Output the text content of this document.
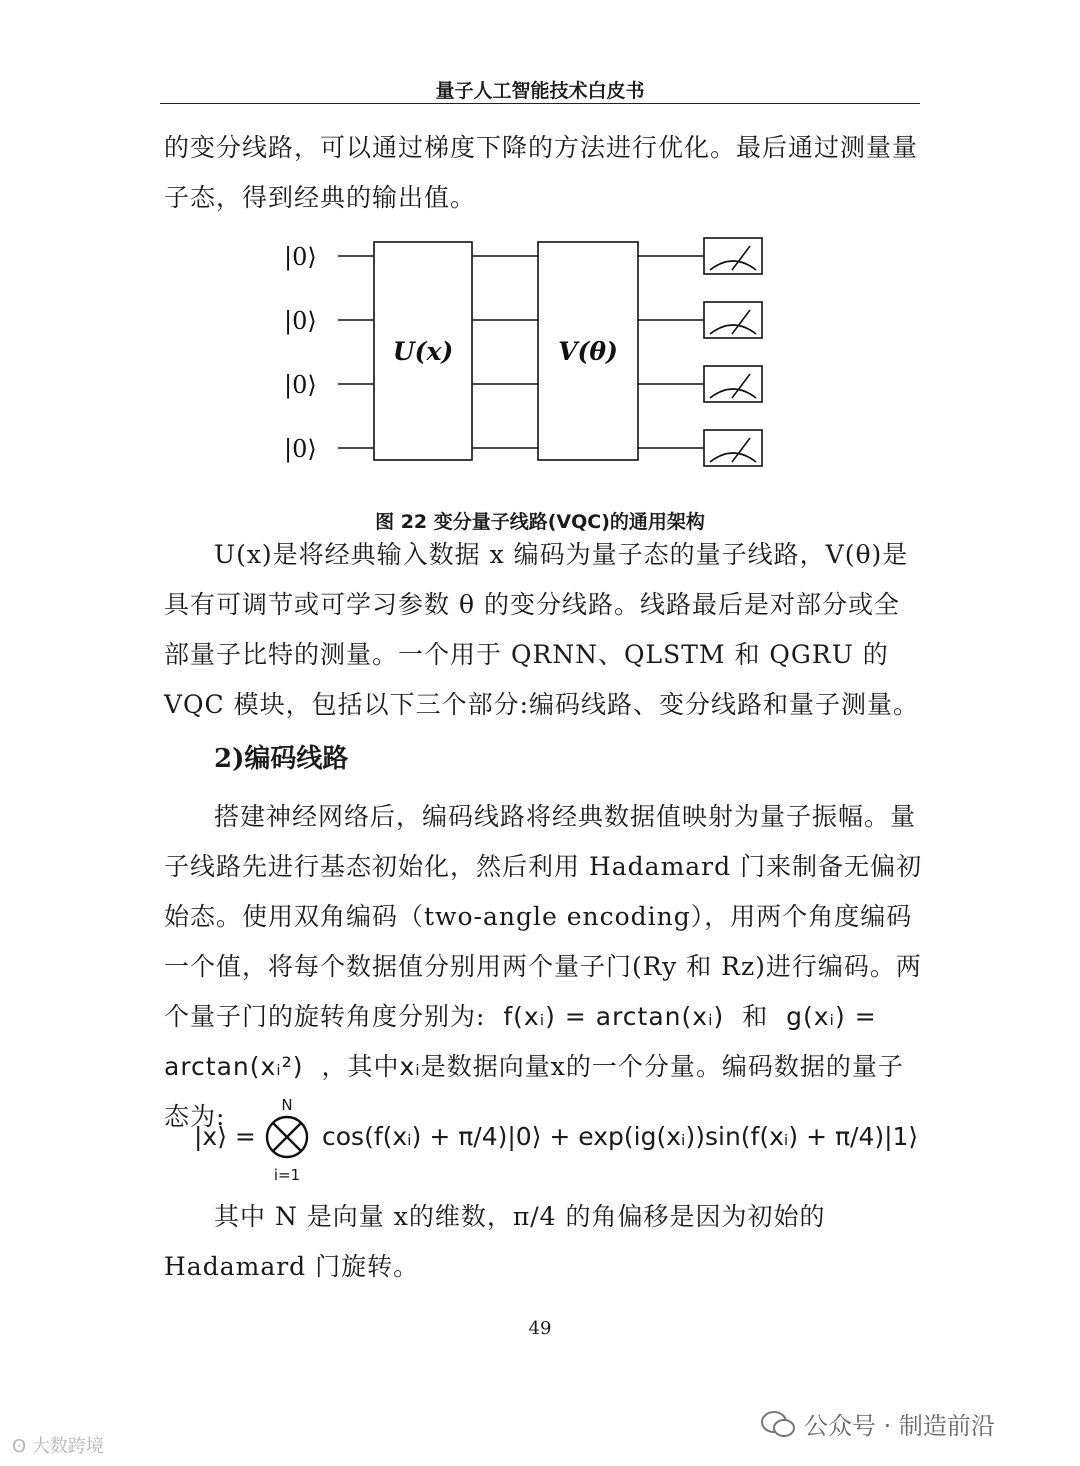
量子人工智能技术白皮书

的变分线路，可以通过梯度下降的方法进行优化。最后通过测量量子态，得到经典的输出值。

|0⟩
|0⟩
|0⟩
|0⟩
U(x)	V(θ)
图 22 变分量子线路(VQC)的通用架构

U(x)是将经典输入数据 x 编码为量子态的量子线路，V(θ)是具有可调节或可学习参数 θ 的变分线路。线路最后是对部分或全部量子比特的测量。一个用于 QRNN、QLSTM 和 QGRU 的 VQC 模块，包括以下三个部分:编码线路、变分线路和量子测量。

2)编码线路

搭建神经网络后，编码线路将经典数据值映射为量子振幅。量子线路先进行基态初始化，然后利用 Hadamard 门来制备无偏初始态。使用双角编码（two-angle encoding），用两个角度编码一个值，将每个数据值分别用两个量子门(Ry 和 Rz)进行编码。两个量子门的旋转角度分别为: f(xᵢ) = arctan(xᵢ) 和 g(xᵢ) = arctan(xᵢ²) ，其中xᵢ是数据向量x的一个分量。编码数据的量子态为:

|x⟩ =
N
i=1
cos(f(xᵢ) + π/4)|0⟩ + exp(ig(xᵢ))sin(f(xᵢ) + π/4)|1⟩

其中 N 是向量 x的维数，π/4 的角偏移是因为初始的 Hadamard 门旋转。

49
ʘ 大数跨境
公众号 · 制造前沿
